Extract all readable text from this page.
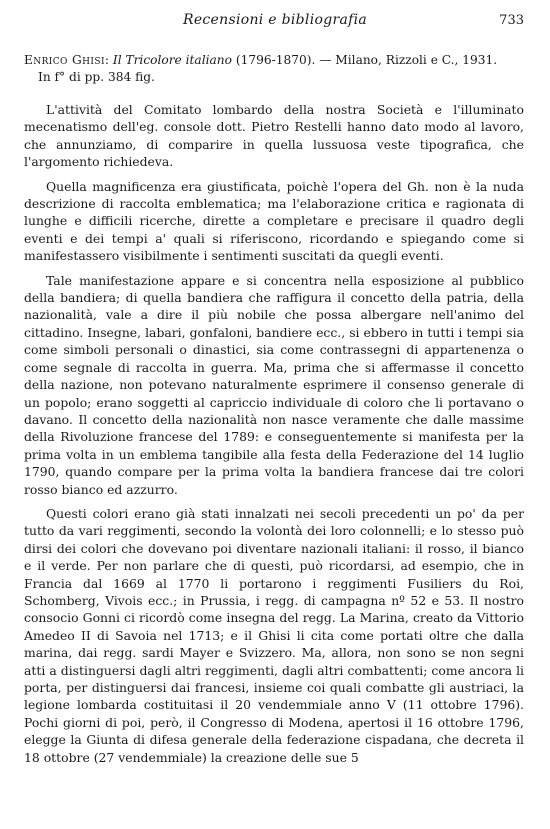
Recensioni e bibliografia	733
Enrico Ghisi: Il Tricolore italiano (1796-1870). — Milano, Rizzoli e C., 1931.
In f° di pp. 384 fig.

L'attività del Comitato lombardo della nostra Società e l'illuminato mecenatismo dell'eg. console dott. Pietro Restelli hanno dato modo al lavoro, che annunziamo, di comparire in quella lussuosa veste tipografica, che l'argomento richiedeva.

Quella magnificenza era giustificata, poichè l'opera del Gh. non è la nuda descrizione di raccolta emblematica; ma l'elaborazione critica e ragionata di lunghe e difficili ricerche, dirette a completare e precisare il quadro degli eventi e dei tempi a' quali si riferiscono, ricordando e spiegando come si manifestassero visibilmente i sentimenti suscitati da quegli eventi.

Tale manifestazione appare e si concentra nella esposizione al pubblico della bandiera; di quella bandiera che raffigura il concetto della patria, della nazionalità, vale a dire il più nobile che possa albergare nell'animo del cittadino. Insegne, labari, gonfaloni, bandiere ecc., si ebbero in tutti i tempi sia come simboli personali o dinastici, sia come contrassegni di appartenenza o come segnale di raccolta in guerra. Ma, prima che si affermasse il concetto della nazione, non potevano naturalmente esprimere il consenso generale di un popolo; erano soggetti al capriccio individuale di coloro che li portavano o davano. Il concetto della nazionalità non nasce veramente che dalle massime della Rivoluzione francese del 1789: e conseguentemente si manifesta per la prima volta in un emblema tangibile alla festa della Federazione del 14 luglio 1790, quando compare per la prima volta la bandiera francese dai tre colori rosso bianco ed azzurro.

Questi colori erano già stati innalzati nei secoli precedenti un po' da per tutto da vari reggimenti, secondo la volontà dei loro colonnelli; e lo stesso può dirsi dei colori che dovevano poi diventare nazionali italiani: il rosso, il bianco e il verde. Per non parlare che di questi, può ricordarsi, ad esempio, che in Francia dal 1669 al 1770 li portarono i reggimenti Fusiliers du Roi, Schomberg, Vivois ecc.; in Prussia, i regg. di campagna nº 52 e 53. Il nostro consocio Gonni ci ricordò come insegna del regg. La Marina, creato da Vittorio Amedeo II di Savoia nel 1713; e il Ghisi li cita come portati oltre che dalla marina, dai regg. sardi Mayer e Svizzero. Ma, allora, non sono se non segni atti a distinguersi dagli altri reggimenti, dagli altri combattenti; come ancora li porta, per distinguersi dai francesi, insieme coi quali combatte gli austriaci, la legione lombarda costituitasi il 20 vendemmiale anno V (11 ottobre 1796). Pochi giorni di poi, però, il Congresso di Modena, apertosi il 16 ottobre 1796, elegge la Giunta di difesa generale della federazione cispadana, che decreta il 18 ottobre (27 vendemmiale) la creazione delle sue 5
